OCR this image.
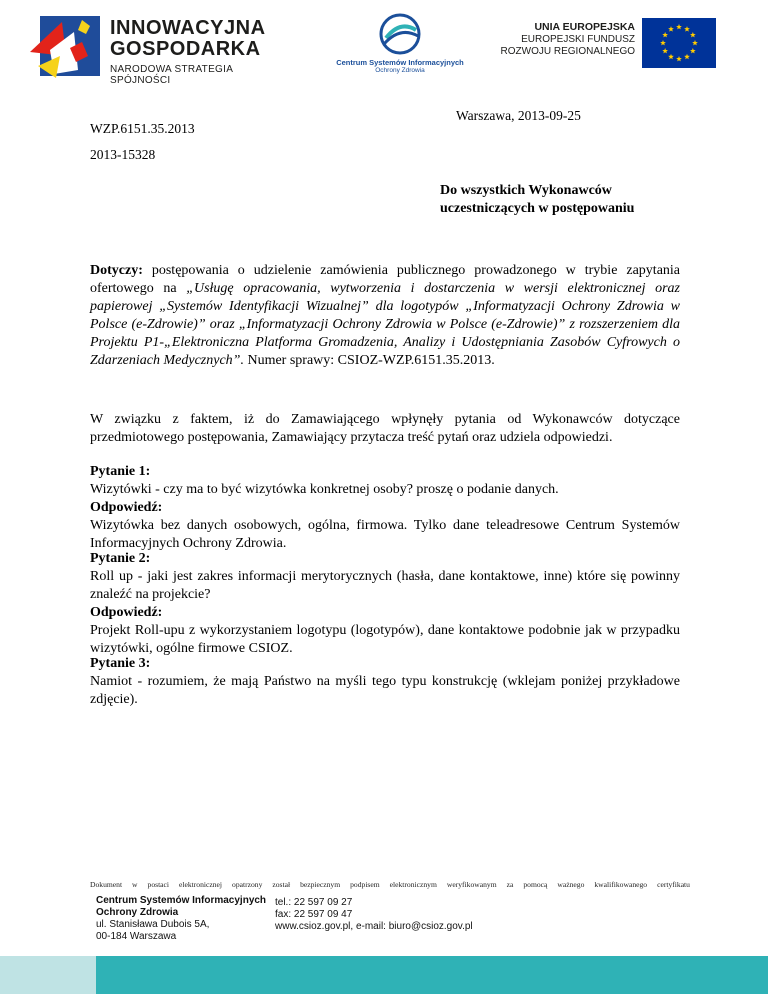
INNOWACYJNA
GOSPODARKA
NARODOWA STRATEGIA SPÓJNOŚCI
Centrum Systemów Informacyjnych
Ochrony Zdrowia
UNIA EUROPEJSKA
EUROPEJSKI FUNDUSZ
ROZWOJU REGIONALNEGO
Warszawa, 2013-09-25
WZP.6151.35.2013
2013-15328
Do wszystkich Wykonawców
uczestniczących w postępowaniu
Dotyczy: postępowania o udzielenie zamówienia publicznego prowadzonego w trybie zapytania ofertowego na „Usługę opracowania, wytworzenia i dostarczenia w wersji elektronicznej oraz papierowej „Systemów Identyfikacji Wizualnej” dla logotypów „Informatyzacji Ochrony Zdrowia w Polsce (e-Zdrowie)” oraz „Informatyzacji Ochrony Zdrowia w Polsce (e-Zdrowie)” z rozszerzeniem dla Projektu P1-„Elektroniczna Platforma Gromadzenia, Analizy i Udostępniania Zasobów Cyfrowych o Zdarzeniach Medycznych”. Numer sprawy: CSIOZ-WZP.6151.35.2013.
W związku z faktem, iż do Zamawiającego wpłynęły pytania od Wykonawców dotyczące przedmiotowego postępowania, Zamawiający przytacza treść pytań oraz udziela odpowiedzi.
Pytanie 1:
Wizytówki - czy ma to być wizytówka konkretnej osoby? proszę o podanie danych.
Odpowiedź:
Wizytówka bez danych osobowych, ogólna, firmowa. Tylko dane teleadresowe Centrum Systemów Informacyjnych Ochrony Zdrowia.
Pytanie 2:
Roll up - jaki jest zakres informacji merytorycznych (hasła, dane kontaktowe, inne) które się powinny znaleźć na projekcie?
Odpowiedź:
Projekt Roll-upu z wykorzystaniem logotypu (logotypów), dane kontaktowe podobnie jak w przypadku wizytówki, ogólne firmowe CSIOZ.
Pytanie 3:
Namiot - rozumiem, że mają Państwo na myśli tego typu konstrukcję (wklejam poniżej przykładowe zdjęcie).
Dokument w postaci elektronicznej opatrzony został bezpiecznym podpisem elektronicznym weryfikowanym za pomocą ważnego kwalifikowanego certyfikatu
Centrum Systemów Informacyjnych
Ochrony Zdrowia
ul. Stanisława Dubois 5A,
00-184 Warszawa
tel.: 22 597 09 27
fax: 22 597 09 47
www.csioz.gov.pl, e-mail: biuro@csioz.gov.pl
